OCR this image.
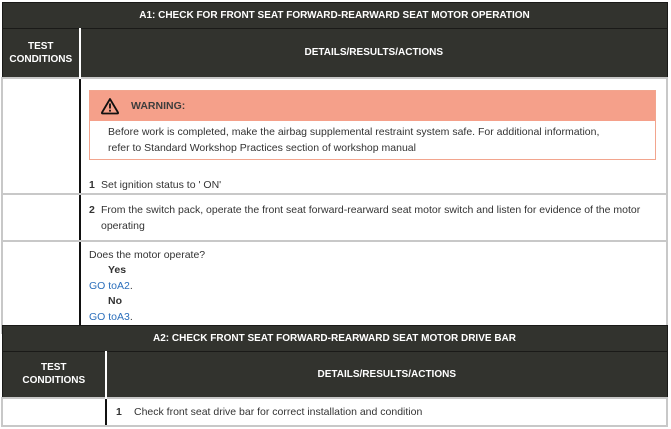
A1: CHECK FOR FRONT SEAT FORWARD-REARWARD SEAT MOTOR OPERATION	

TEST
CONDITIONS	DETAILS/RESULTS/ACTIONS

	WARNING:
Before work is completed, make the airbag supplemental restraint system safe. For additional information,
refer to Standard Workshop Practices section of workshop manual
1 Set ignition status to ' ON'

	2 From the switch pack, operate the front seat forward-rearward seat motor switch and listen for evidence of the motor
operating

	Does the motor operate?
Yes
GO toA2.
No
GO toA3.
A2: CHECK FRONT SEAT FORWARD-REARWARD SEAT MOTOR DRIVE BAR	

TEST
CONDITIONS	DETAILS/RESULTS/ACTIONS

	1 Check front seat drive bar for correct installation and condition
